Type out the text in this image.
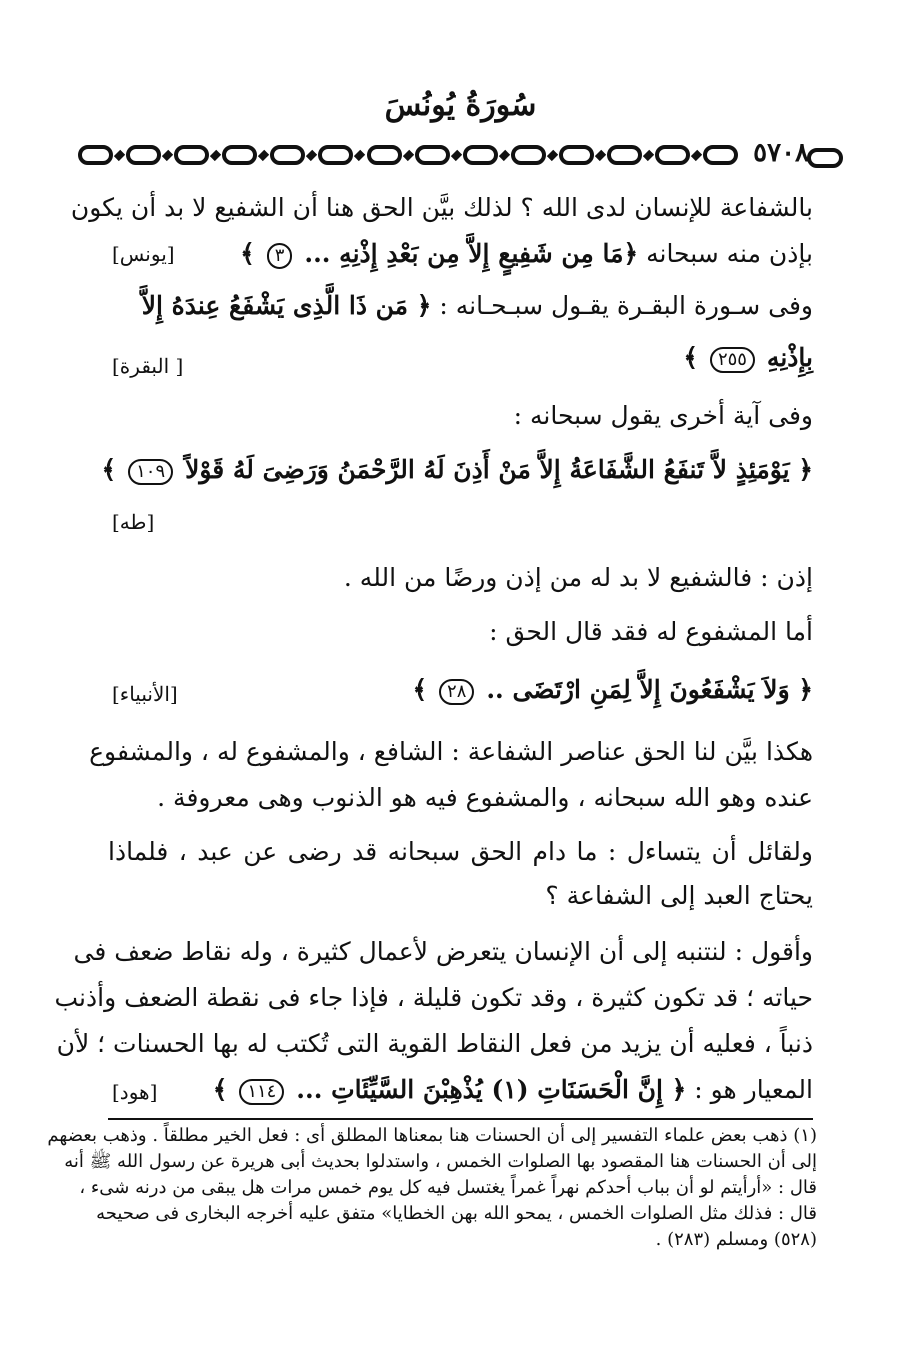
سُورَةُ يُونُسَ
٥٧٠٨
بالشفاعة للإنسان لدى الله ؟ لذلك بيَّن الحق هنا أن الشفيع لا بد أن يكون
بإذن منه سبحانه ﴿مَا مِن شَفِيعٍ إِلاَّ مِن بَعْدِ إِذْنِهِ ... ٣ ﴾
[يونس]
وفى سـورة البقـرة يقـول سبـحـانه : ﴿ مَن ذَا الَّذِى يَشْفَعُ عِندَهُ إِلاَّ
بِإِذْنِهِ ٢٥٥ ﴾
[ البقرة]
وفى آية أخرى يقول سبحانه :
﴿ يَوْمَئِذٍ لاَّ تَنفَعُ الشَّفَاعَةُ إِلاَّ مَنْ أَذِنَ لَهُ الرَّحْمَنُ وَرَضِىَ لَهُ قَوْلاً ١٠٩ ﴾
[طه]
إذن : فالشفيع لا بد له من إذن ورضًا من الله .
أما المشفوع له فقد قال الحق :
﴿ وَلاَ يَشْفَعُونَ إِلاَّ لِمَنِ ارْتَضَى .. ٢٨ ﴾
[الأنبياء]
هكذا بيَّن لنا الحق عناصر الشفاعة : الشافع ، والمشفوع له ، والمشفوع
عنده وهو الله سبحانه ، والمشفوع فيه هو الذنوب وهى معروفة .
ولقائل أن يتساءل : ما دام الحق سبحانه قد رضى عن عبد ، فلماذا
يحتاج العبد إلى الشفاعة ؟
وأقول : لنتنبه إلى أن الإنسان يتعرض لأعمال كثيرة ، وله نقاط ضعف فى
حياته ؛ قد تكون كثيرة ، وقد تكون قليلة ، فإذا جاء فى نقطة الضعف وأذنب
ذنباً ، فعليه أن يزيد من فعل النقاط القوية التى تُكتب له بها الحسنات ؛ لأن
المعيار هو : ﴿ إِنَّ الْحَسَنَاتِ (١) يُذْهِبْنَ السَّيِّئَاتِ ... ١١٤ ﴾
[هود]
(١) ذهب بعض علماء التفسير إلى أن الحسنات هنا بمعناها المطلق أى : فعل الخير مطلقاً . وذهب بعضهم
إلى أن الحسنات هنا المقصود بها الصلوات الخمس ، واستدلوا بحديث أبى هريرة عن رسول الله ﷺ أنه
قال : «أرأيتم لو أن بباب أحدكم نهراً غمراً يغتسل فيه كل يوم خمس مرات هل يبقى من درنه شىء ،
قال : فذلك مثل الصلوات الخمس ، يمحو الله بهن الخطايا» متفق عليه أخرجه البخارى فى صحيحه
(٥٢٨) ومسلم (٢٨٣) .
